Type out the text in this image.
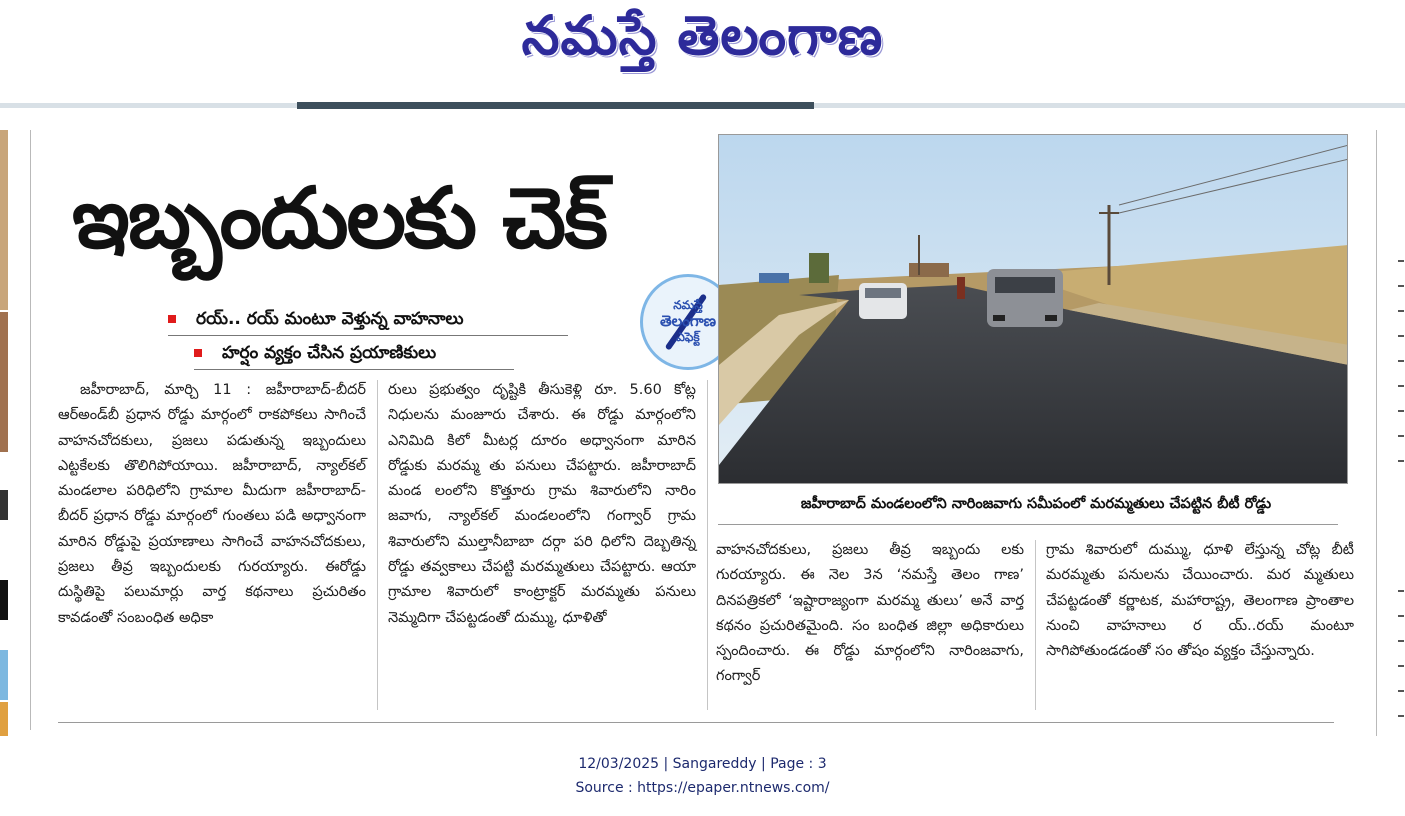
నమస్తే తెలంగాణ
ఇబ్బందులకు చెక్
నమస్తే
తెలంగాణ
ఎఫెక్ట్
రయ్.. రయ్ మంటూ వెళ్తున్న వాహనాలు
హర్షం వ్యక్తం చేసిన ప్రయాణికులు

జహీరాబాద్, మార్చి 11 : జహీరాబాద్-బీదర్ ఆర్అండ్‌బీ ప్రధాన రోడ్డు మార్గంలో రాకపోకలు సాగించే వాహనచోదకులు, ప్రజలు పడుతున్న ఇబ్బందులు ఎట్టకేలకు తొలిగిపోయాయి. జహీరాబాద్, న్యాల్‌కల్ మండలాల పరిధిలోని గ్రామాల మీదుగా జహీరాబాద్-బీదర్ ప్రధాన రోడ్డు మార్గంలో గుంతలు పడి అధ్వానంగా మారిన రోడ్డుపై ప్రయాణాలు సాగించే వాహనచోదకులు, ప్రజలు తీవ్ర ఇబ్బందులకు గురయ్యారు. ఈరోడ్డు దుస్థితిపై పలుమార్లు వార్త కథనాలు ప్రచురితం కావడంతో సంబంధిత అధికా

రులు ప్రభుత్వం దృష్టికి తీసుకెళ్లి రూ. 5.60 కోట్ల నిధులను మంజూరు చేశారు. ఈ రోడ్డు మార్గంలోని ఎనిమిది కిలో మీటర్ల దూరం అధ్వానంగా మారిన రోడ్డుకు మరమ్మ తు పనులు చేపట్టారు. జహీరాబాద్ మండ లంలోని కొత్తూరు గ్రామ శివారులోని నారిం జవాగు, న్యాల్‌కల్ మండలంలోని గంగ్వార్ గ్రామ శివారులోని ముల్తానీబాబా దర్గా పరి ధిలోని దెబ్బతిన్న రోడ్డు తవ్వకాలు చేపట్టి మరమ్మతులు చేపట్టారు. ఆయా గ్రామాల శివారులో కాంట్రాక్టర్ మరమ్మతు పనులు నెమ్మదిగా చేపట్టడంతో దుమ్ము, ధూళితో

వాహనచోదకులు, ప్రజలు తీవ్ర ఇబ్బందు లకు గురయ్యారు. ఈ నెల 3న ‘నమస్తే తెలం గాణ’ దినపత్రికలో ‘ఇష్టారాజ్యంగా మరమ్మ తులు’ అనే వార్త కథనం ప్రచురితమైంది. సం బంధిత జిల్లా అధికారులు స్పందించారు. ఈ రోడ్డు మార్గంలోని నారింజవాగు, గంగ్వార్

గ్రామ శివారులో దుమ్ము, ధూళి లేస్తున్న చోట్ల బీటీ మరమ్మతు పనులను చేయించారు. మర మ్మతులు చేపట్టడంతో కర్ణాటక, మహారాష్ట్ర, తెలంగాణ ప్రాంతాల నుంచి వాహనాలు ర య్..రయ్ మంటూ సాగిపోతుండడంతో సం తోషం వ్యక్తం చేస్తున్నారు.

జహీరాబాద్ మండలంలోని నారింజవాగు సమీపంలో మరమ్మతులు చేపట్టిన బీటీ రోడ్డు
12/03/2025 | Sangareddy | Page : 3
Source : https://epaper.ntnews.com/
